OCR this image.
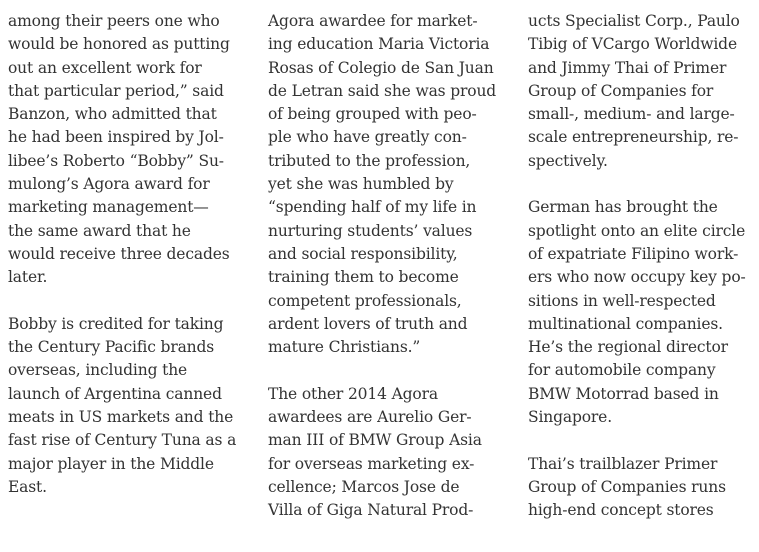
among their peers one who
would be honored as putting
out an excellent work for
that particular period,” said
Banzon, who admitted that
he had been inspired by Jol-
libee’s Roberto “Bobby” Su-
mulong’s Agora award for
marketing management—
the same award that he
would receive three decades
later.

Bobby is credited for taking
the Century Pacific brands
overseas, including the
launch of Argentina canned
meats in US markets and the
fast rise of Century Tuna as a
major player in the Middle
East.

Agora awardee for market-
ing education Maria Victoria
Rosas of Colegio de San Juan
de Letran said she was proud
of being grouped with peo-
ple who have greatly con-
tributed to the profession,
yet she was humbled by
“spending half of my life in
nurturing students’ values
and social responsibility,
training them to become
competent professionals,
ardent lovers of truth and
mature Christians.”

The other 2014 Agora
awardees are Aurelio Ger-
man III of BMW Group Asia
for overseas marketing ex-
cellence; Marcos Jose de
Villa of Giga Natural Prod-

ucts Specialist Corp., Paulo
Tibig of VCargo Worldwide
and Jimmy Thai of Primer
Group of Companies for
small-, medium- and large-
scale entrepreneurship, re-
spectively.

German has brought the
spotlight onto an elite circle
of expatriate Filipino work-
ers who now occupy key po-
sitions in well-respected
multinational companies.
He’s the regional director
for automobile company
BMW Motorrad based in
Singapore.

Thai’s trailblazer Primer
Group of Companies runs
high-end concept stores
